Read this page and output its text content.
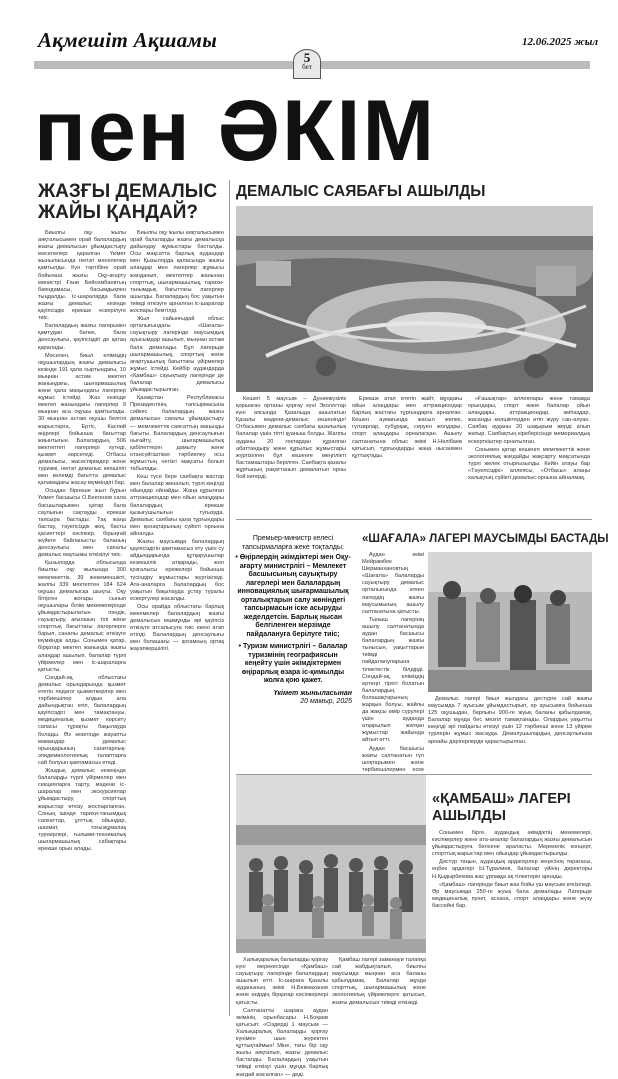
Ақмешіт Ақшамы	12.06.2025 жыл
5
бет
пен ӘКІМ
ЖАЗҒЫ ДЕМАЛЫС
ЖАЙЫ ҚАНДАЙ?

Биылғы оқу жылы аяқталысымен орай балалардың жазғы демалысын ұйымдастыру мәселелері қаралған Үкімет жыныласында негізгі мәселелер қамтылды. Күн тәртібіне орай бойынша жазғы Оқу-ағарту министрі Ғани Бейсембаевтың баяндамасы, басымдықпен тыңдалды. Іс-шараларда бала жазғы демалыс кезінде қауіпсіздік ерекше ескерілуге тиіс.

Балалардың жазғы лагерьмен қамтудан бөлек, бала денсаулығы, қауіпсіздігі де қатаң қаралады.

Мәселен, биыл еліміздің оқушылардың жазғы демалысы кезінде 191 қала сыртындағы, 10 мыңнан астам мектеп жанындағы, шығармашылық және қала маңындағы лагерлер жұмыс істейді. Жаз кезінде мектеп жанындағы лагерлер 9 мыңнан аса оқушы қамтылады. 30 мыңнан астам оқушы белгілі жарыстарға, Ертіс, Каспий өңірлері бойынша бағыттар жиынтығын. Балалардың 506 мектептегі лагерлері күтеді, қызмет көрсетеді. Отбасы демалысы, жасөспірімдер және туризмі, негізгі демалыс көпшілігі мен көлемді бағытта демалыс қаламадағы жасау мүмкіндігі бар.

Осыдан бірнеше жыл бұрын Үкімет басшысы О.Бектенов сала басшыларымен қатар бала саулығын сақтауды ерекше тапсыра бастады. Тақ жаңа бастау, тәуелсіздік жоқ, басты қасиеттері кәсіпкер, бірыңғай жүйеге байланысты баланың денсаулығы мен сапалы демалыс маусымы өткізілуі тиіс.

Қызылорда облысында биылғы оқу жылында 300 мемлекеттік, 39 жекеменшікті, жалпы 339 мектептен 184 624 оқушы демалысқа шықты. Оқу бітірген жоғары сынып оқушылары білім мекемелерінде ұйымдастырылатын пәндік, сауықтыру, ағылшын тілі және спорттық бағыттағы лагерлерге барып, саналы демалыс өткізуге мүмкіндік алды. Сонымен қатар, бірқатар мектеп жанында жазғы алаңдар ашылып, балалар түрлі үйірмелер мен іс-шараларға қатысты.

Сондай-ақ, облыстағы демалыс орындарында қызмет ететін педагог қызметкерлер мен тәрбиешілер алдын ала дайындықтан өтіп, балалардың қауіпсіздігі мен тамақтануы, медициналық қызмет көрсету сапасы тұрақты бақылауда болады. Өз кезегінде жауапты мамандар демалыс орындарының санитарлық-эпидемиологиялық талаптарға сай болуын қамтамасыз етеді.

Жаздық демалыс кезеңінде балаларды түрлі үйірмелер мен секцияларға тарту, мәдени іс-шаралар мен экскурсиялар ұйымдастыру, спорттық жарыстар өткізу жоспарланған. Соның ішінде тарихи-танымдық саяхаттар, ұлттық ойындар, шахмат, тоғызқұмалақ турнирлері, ғылыми-техникалық шығармашылық сабақтары ерекше орын алады.

Биылғы оқу жылы аяқталысымен орай балаларды жазғы демалысқа дайындау жұмыстары басталды. Осы мақсатта барлық аудандар мен Қызылорда қаласында жазғы алаңдар мен лагерлер жұмысы жанданып, мектептер жанынан спорттық, шығармашылық, тарихи-танымдық бағыттағы лагерлер ашылды. Балалардың бос уақытын тиімді өткізуге арналған іс-шаралар жоспары бекітілді.

Жыл сайынғыдай облыс орталығындағы «Шағала» сауықтыру лагерінде маусымдық ауысымдар ашылып, мыңнан астам бала демалады. Бұл лагерьде шығармашылық, спорттық және ағартушылық бағыттағы үйірмелер жұмыс істейді. Кейбір аудандарда «Қамбаш» сауықтыру лагерінде де балалар демалысы ұйымдастырылған.

Қазақстан Республикасы Президентінің тапсырмасына сәйкес балалардың жазғы демалысын сапалы ұйымдастыру — мемлекеттік саясаттың маңызды бағыты. Балалардың денсаулығын нығайту, шығармашылық қабілеттерін дамыту және отансүйгіштікке тәрбиелеу осы жұмыстың негізгі мақсаты болып табылады.

Кеш түсе бере саябақта жастар мен балалар жиналып, түрлі көңілді ойындар ойнайды. Жаңа құрылған аттракциондар мен ойын алаңдары балалардың ерекше қызығушылығын туғызуда. Демалыс саябағы қала тұрғындары мен қонақтарының сүйікті орнына айналды.

Жазғы маусымда балалардың қауіпсіздігін қамтамасыз ету үшін су айдындарында құтқарушылар кезекшілік атқарады, жол қозғалысы ережелері бойынша түсіндіру жұмыстары жүргізіледі. Ата-аналарға балалардың бос уақытын бақылауда ұстау туралы ескертулер жасалды.

Осы орайда облыстағы барлық мекемелер балалардың жазғы демалысын мазмұнды әрі қауіпсіз өткізуге атсалысуға тиіс екені атап өтілді. Балалардың денсаулығы мен болашағы — қоғамның ортақ жауапкершілігі.

ДЕМАЛЫС САЯБАҒЫ АШЫЛДЫ

Кешегі 5 маусым – Дүниежүзілік қоршаған ортаны қорғау күні Экологтар күні аясында Қазалыда ашылатын Қазалы мәдени-демалыс кешенінде! Отбасымен демалыс саябағы қазалылық балалар үшін тіпті қуаныш болды. Жалпы ауданы 20 гектардан құралған абаттандыру және құрылыс жұмыстары жүргізілген бұл кешенге меңгілікті бастамаштары берілген. Саябақта қазалы жұртының рақаттанып демалатын орны бой көтерді.

Ерекше атап өтетін жайт, мұндағы ойын алаңдары мен аттракциондар барлық жастағы тұрғындарға арналған. Кешен аумағында жасыл желек, гүлзарлар, субұрқақ, серуен жолдары, спорт алаңдары орналасқан. Ашылу салтанатына облыс әкімі Н.Нәлібаев қатысып, тұрғындарды жаңа нысанмен құттықтады.

«Ғашықтар» аллеялары және тамаққа орындары, спорт және балалар ойын алаңдары, аттракциондар, жиһаздар, жасанды көлшіктерден өтіп жүру сан-алуан. Саябақ ауданы 20 шақырым жерді алып жатыр. Саябақтың кіреберісінде мемориалдық ескерткіштер орнатылған.

Сонымен қатар кешенге мемлекеттік және экологиялық жағдайды жақсарту мақсатында түрлі желек отырғызылды. Кейін атауы бар «Тәуелсіздік» аллеясы, «Отбасы» алаңы халықтың сүйікті демалыс орнына айналмақ.

Премьер-министр келесі тапсырмаларға жеке тоқталды:
• Өңірлердің әкімдіктері мен Оқу-ағарту министрлігі – Мемлекет басшысының сауықтыру лагерлері мен балалардың инновациялық шығармашылық орталықтарын салу жөніндегі тапсырмасын іске асыруды жеделдетсін. Барлық нысан белгіленген мерзімде пайдалануға берілуге тиіс;
• Туризм министрлігі – балалар туризмінің географиясын кеңейту үшін әкімдіктермен өңірарлық өзара іс-қимылды жолға қою қажет.
Үкімет жыныласынан
20 мамыр, 2025
«ШАҒАЛА» ЛАГЕРІ МАУСЫМДЫ БАСТАДЫ

Аудан әкімі Мейрамбек Шерманхановтың «Шағала» балаларды сауықтыру демалыс орталығында өткен лагердің жазғы маусымының ашылу салтанатына қатысты.

Тыныш лагерінің ашылу салтанатында аудан басшысы балалардың жазғы тынысын, уақыттарын тиімді пайдалануларына тілектестік білдірді. Сондай-ақ, еліміздің ертеңгі тірегі болатын балалардың болашақтарының жарқын болуы, жайлы да жақсы өмір сүрулері үшін ауданда атқарылып жатқан жұмыстар жайында айтып өтті.

Аудан басшысы жазғы салтанатын гүл шоқтарымен және тәрбиешілермен еске

Демалыс лагері биыл жылдағы дестүрге сай жазғы маусымда 7 ауысым ұйымдастырып, әр ауысымға бойынша 125 оқушыдан, барлығы 900-ге жуық баланы қабылдамақ. Балалар мұнда бес мезгіл тамақтанады. Олардың уақытты көңілді әрі пайдалы өткізуі үшін 12 тәрбиеші және 13 үйірме түрлерін жұмыс жасауда. Демалушылардың денсаулығына арнайы дәрігерлерде қарастырылған.

«ҚАМБАШ» ЛАГЕРІ
АШЫЛДЫ

Халықаралық балаларды қорғау күні мерекесінде «Қамбаш» сауықтыру лагерінде балалардың ашылып өтті. Іс-шараға Қазалы ауданының әкімі Н.Бекмаханов және өңірдің бірқатар кәсіпкерлері қатысты.

Салтанатты шараға аудан әкімінің орынбасары Н.Боқаев қатысып: «Сіздерді 1 маусым — Халықаралық балаларды қорғау күнімен шын жүректен құттықтаймын! Міне, тағы бір оқу жылы аяқталып, жазғы демалыс басталды. Балалардың уақытын тиімді өткізуі үшін мұнда барлық жағдай жасалған» — деді.

Қамбаш лагері заманауи талапқа сай жабдықталып, биылғы маусымда мыңнан аса баланы қабылдамақ. Балалар мұнда спорттық, шығармашылық және экологиялық үйірмелерге қатысып, жазғы демалысын тиімді өткізеді.

Сонымен бірге, аудандық әкімдіктің мекемелері, кәсіпкерлер және ата-аналар балалардың жазғы демалысын ұйымдастыруға белсене араласты. Мерекелік концерт, спорттық жарыстар мен ойындар ұйымдастырылды.

Дәстүр таңын, аудандық ардагерлер кеңесінің төрағасы, еңбек ардагері Ы.Тұралиев, балалар үйінің директоры Н.Қыдырбекова жас ұрпаққа ақ тілектерін арнады.

«Қамбаш» лагерінде биыл жаз бойы үш маусым өткізіледі. Әр маусымда 250-ге жуық бала демалады. Лагерьде медициналық пункт, асхана, спорт алаңдары және жүзу бассейні бар.
